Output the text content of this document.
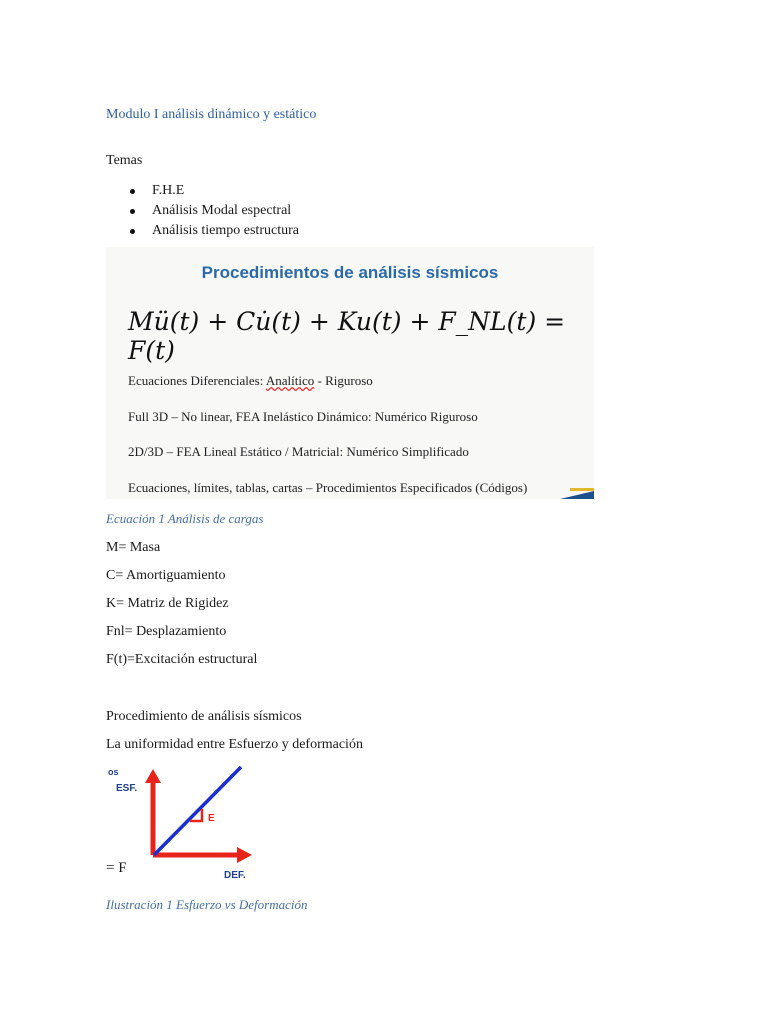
Modulo I análisis dinámico y estático
Temas
F.H.E
Análisis Modal espectral
Análisis tiempo estructura
Procedimientos de análisis sísmicos
Mü(t) + Cu̇(t) + Ku(t) + F_NL(t) = F(t)
Ecuaciones Diferenciales: Analítico - Riguroso
Full 3D – No linear, FEA Inelástico Dinámico: Numérico Riguroso
2D/3D – FEA Lineal Estático / Matricial: Numérico Simplificado
Ecuaciones, límites, tablas, cartas – Procedimientos Especificados (Códigos)
Ecuación 1 Análisis de cargas
M= Masa
C= Amortiguamiento
K= Matriz de Rigidez
Fnl= Desplazamiento
F(t)=Excitación estructural
Procedimiento de análisis sísmicos
La uniformidad entre Esfuerzo y deformación
E
os
ESF.
DEF.
= F
Ilustración 1 Esfuerzo vs Deformación
